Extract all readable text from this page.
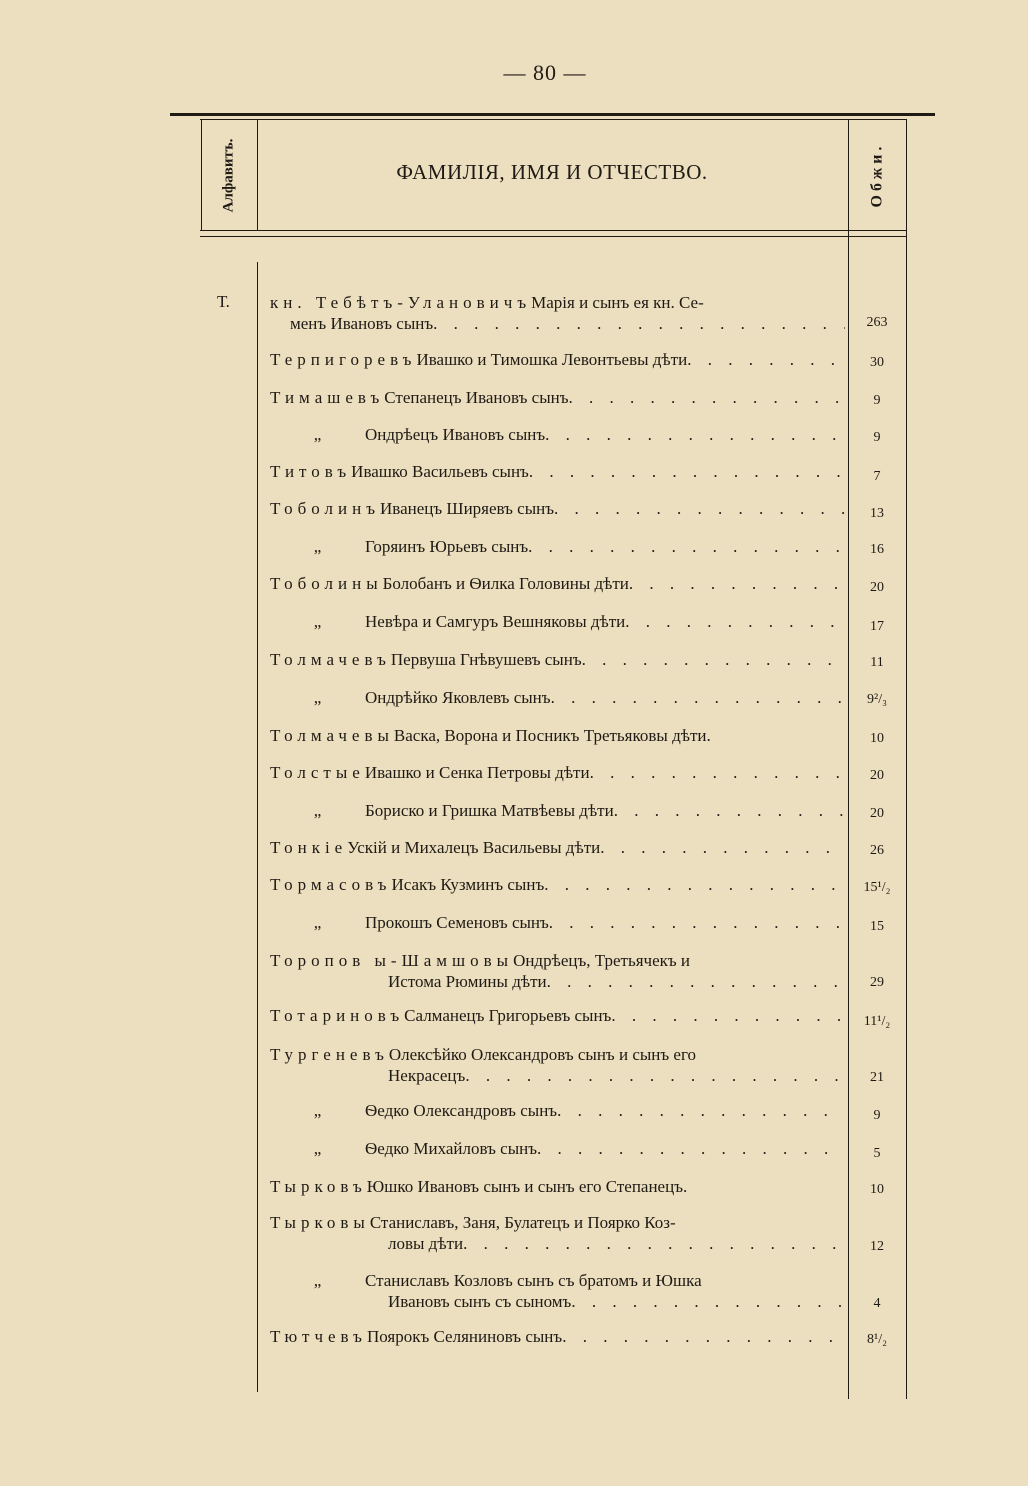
— 80 —
Алфавитъ.	ФАМИЛІЯ, ИМЯ И ОТЧЕСТВО.	Обжи.
Т. кн. Тебѣтъ-Улановичъ Марія и сынъ ея кн. Се-
менъ Ивановъ сынъ . . .	263
Терпигоревъ Ивашко и Тимошка Левонтьевы дѣти . . .	30
Тимашевъ Степанецъ Ивановъ сынъ . . .	9
„	Ондрѣецъ Ивановъ сынъ . . .	9
Титовъ Ивашко Васильевъ сынъ . . .	7
Тоболинъ Иванецъ Ширяевъ сынъ . . .	13
„	Горяинъ Юрьевъ сынъ . . .	16
Тоболины Болобанъ и Ѳилка Головины дѣти . . .	20
„	Невѣра и Самгуръ Вешняковы дѣти . . .	17
Толмачевъ Первуша Гнѣвушевъ сынъ . . .	11
„	Ондрѣйко Яковлевъ сынъ . . .	9²/₃
Толмачевы Васка, Ворона и Посникъ Третьяковы дѣти.	10
Толстые Ивашко и Сенка Петровы дѣти . . .	20
„	Бориско и Гришка Матвѣевы дѣти . . .	20
Тонкіе Ускій и Михалецъ Васильевы дѣти . . .	26
Тормасовъ Исакъ Кузминъ сынъ . . .	15¹/₂
„	Прокошъ Семеновъ сынъ . . .	15
Торопов ы-Шамшовы Ондрѣецъ, Третьячекъ и
Истома Рюмины дѣти . . .	29
Тотариновъ Салманецъ Григорьевъ сынъ . . .	11¹/₂
Тургеневъ Олексѣйко Олександровъ сынъ и сынъ его
Некрасецъ . . .	21
„	Ѳедко Олександровъ сынъ . . .	9
„	Ѳедко Михайловъ сынъ . . .	5
Тырковъ Юшко Ивановъ сынъ и сынъ его Степанецъ.	10
Тырковы Станиславъ, Заня, Булатецъ и Поярко Коз-
ловы дѣти . . .	12
„	Станиславъ Козловъ сынъ съ братомъ и Юшка
Ивановъ сынъ съ сыномъ . . .	4
Тютчевъ Поярокъ Селяниновъ сынъ . . .	8¹/₂
